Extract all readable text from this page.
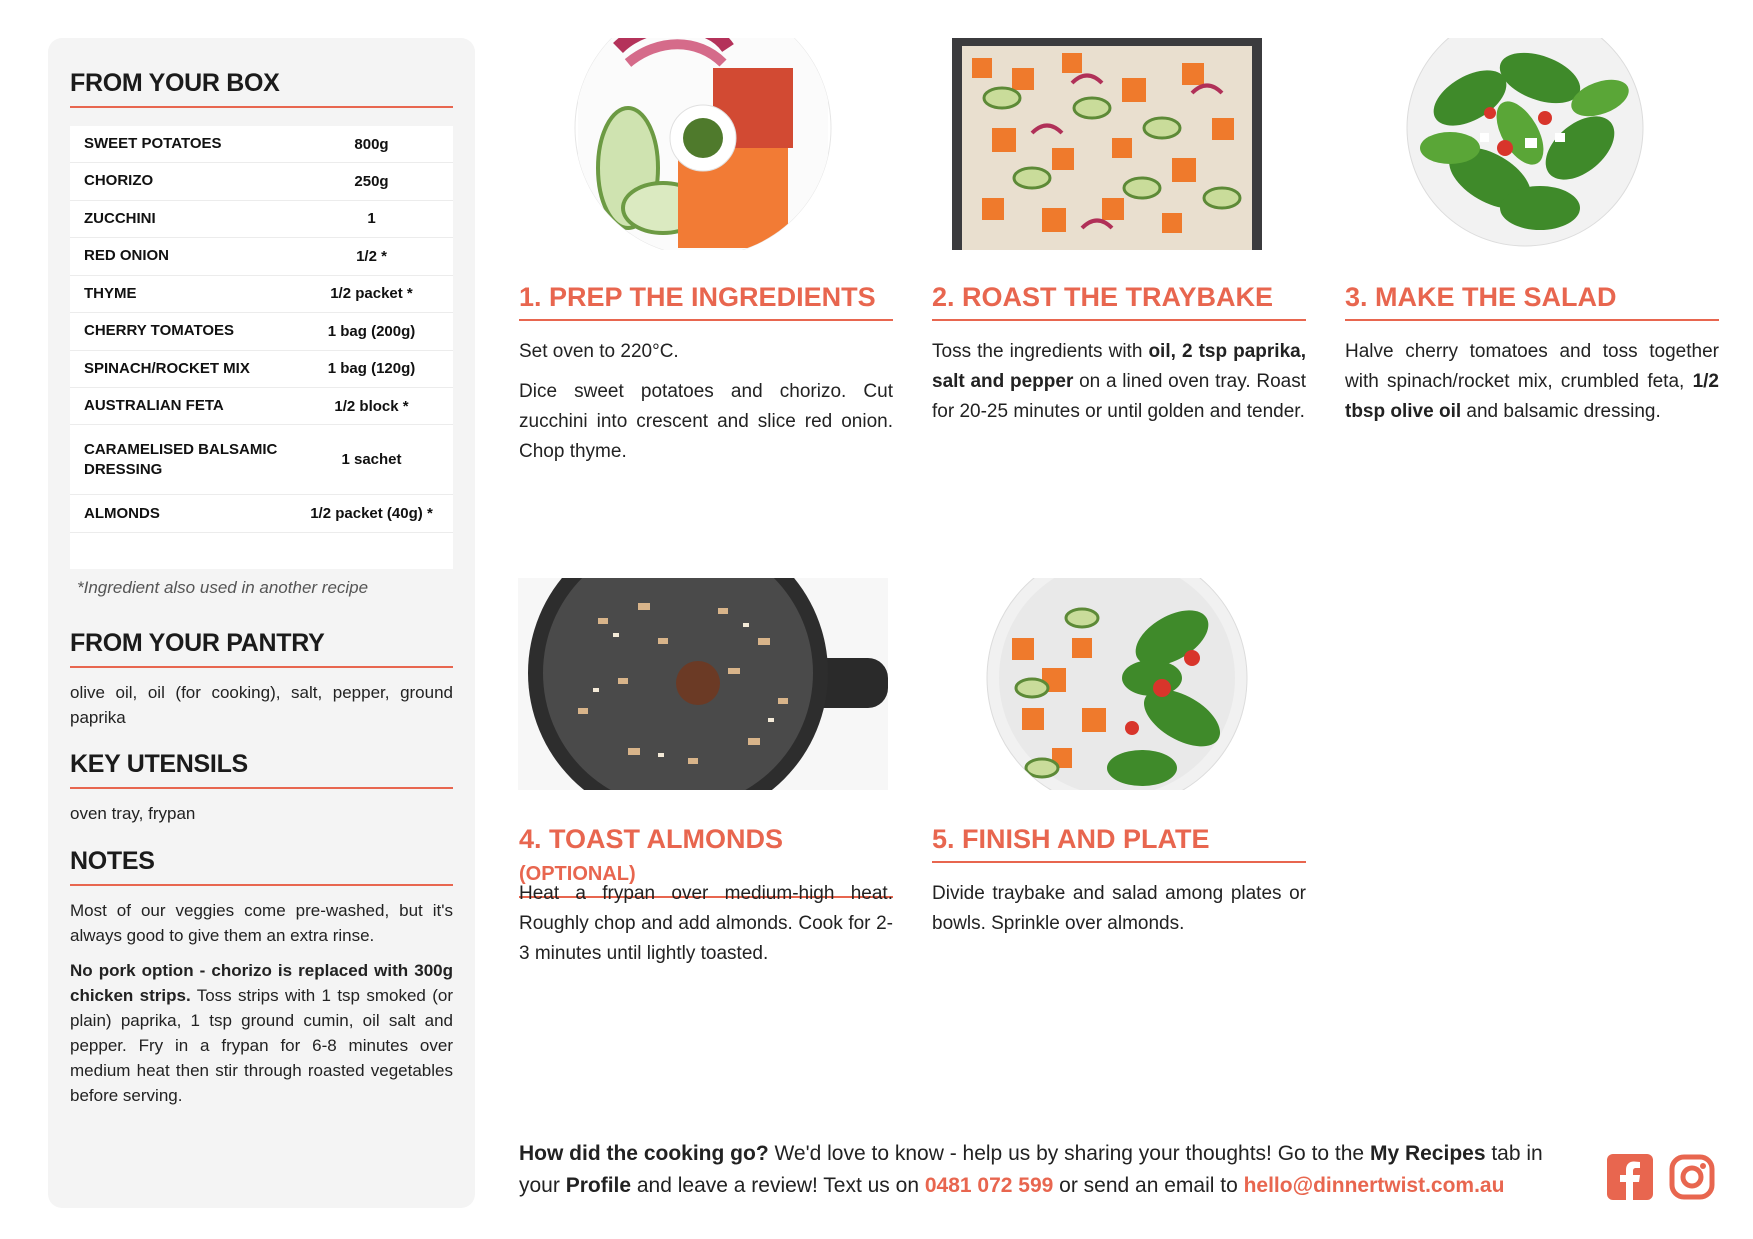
FROM YOUR BOX
SWEET POTATOES	800g
CHORIZO	250g
ZUCCHINI	1
RED ONION	1/2 *
THYME	1/2 packet *
CHERRY TOMATOES	1 bag (200g)
SPINACH/ROCKET MIX	1 bag (120g)
AUSTRALIAN FETA	1/2 block *
CARAMELISED BALSAMIC DRESSING	1 sachet
ALMONDS	1/2 packet (40g) *

*Ingredient also used in another recipe
FROM YOUR PANTRY
olive oil, oil (for cooking), salt, pepper, ground paprika
KEY UTENSILS
oven tray, frypan
NOTES

Most of our veggies come pre-washed, but it's always good to give them an extra rinse.

No pork option - chorizo is replaced with 300g chicken strips. Toss strips with 1 tsp smoked (or plain) paprika, 1 tsp ground cumin, oil salt and pepper. Fry in a frypan for 6-8 minutes over medium heat then stir through roasted vegetables before serving.

1. PREP THE INGREDIENTS

Set oven to 220°C.

Dice sweet potatoes and chorizo. Cut zucchini into crescent and slice red onion. Chop thyme.

2. ROAST THE TRAYBAKE

Toss the ingredients with oil, 2 tsp paprika, salt and pepper on a lined oven tray. Roast for 20-25 minutes or until golden and tender.

3. MAKE THE SALAD

Halve cherry tomatoes and toss together with spinach/rocket mix, crumbled feta, 1/2 tbsp olive oil and balsamic dressing.

4. TOAST ALMONDS (OPTIONAL)

Heat a frypan over medium-high heat. Roughly chop and add almonds. Cook for 2-3 minutes until lightly toasted.

5. FINISH AND PLATE

Divide traybake and salad among plates or bowls. Sprinkle over almonds.

How did the cooking go? We'd love to know - help us by sharing your thoughts! Go to the My Recipes tab in your Profile and leave a review! Text us on 0481 072 599 or send an email to hello@dinnertwist.com.au
